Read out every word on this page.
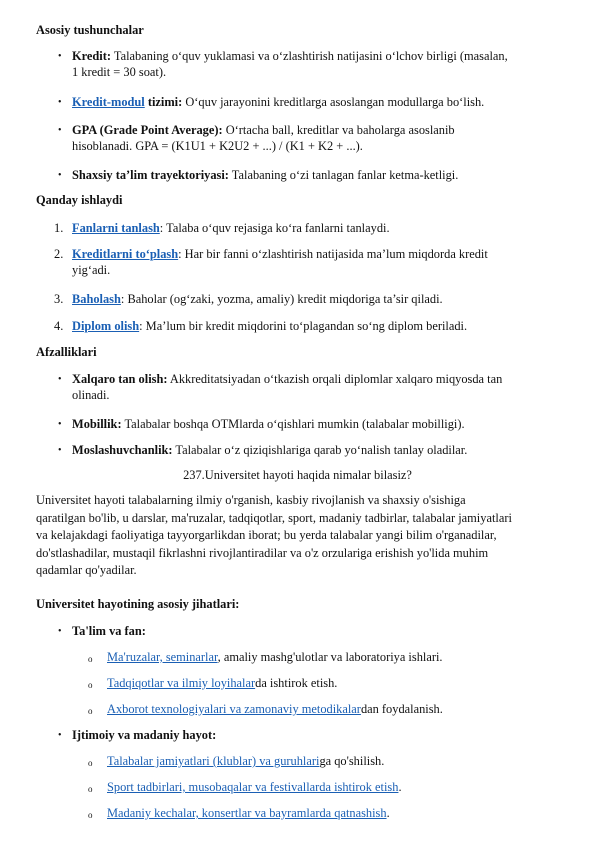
Asosiy tushunchalar
• Kredit: Talabaning o‘quv yuklamasi va o‘zlashtirish natijasini o‘lchov birligi (masalan,
1 kredit = 30 soat).
• Kredit-modul tizimi: O‘quv jarayonini kreditlarga asoslangan modullarga bo‘lish.
• GPA (Grade Point Average): O‘rtacha ball, kreditlar va baholarga asoslanib
hisoblanadi. GPA = (K1U1 + K2U2 + ...) / (K1 + K2 + ...).
• Shaxsiy ta’lim trayektoriyasi: Talabaning o‘zi tanlagan fanlar ketma-ketligi.
Qanday ishlaydi
1. Fanlarni tanlash: Talaba o‘quv rejasiga ko‘ra fanlarni tanlaydi.
2. Kreditlarni to‘plash: Har bir fanni o‘zlashtirish natijasida ma’lum miqdorda kredit
yig‘adi.
3. Baholash: Baholar (og‘zaki, yozma, amaliy) kredit miqdoriga ta’sir qiladi.
4. Diplom olish: Ma’lum bir kredit miqdorini to‘plagandan so‘ng diplom beriladi.
Afzalliklari
• Xalqaro tan olish: Akkreditatsiyadan o‘tkazish orqali diplomlar xalqaro miqyosda tan
olinadi.
• Mobillik: Talabalar boshqa OTMlarda o‘qishlari mumkin (talabalar mobilligi).
• Moslashuvchanlik: Talabalar o‘z qiziqishlariga qarab yo‘nalish tanlay oladilar.
237.Universitet hayoti haqida nimalar bilasiz?
Universitet hayoti talabalarning ilmiy o'rganish, kasbiy rivojlanish va shaxsiy o'sishiga
qaratilgan bo'lib, u darslar, ma'ruzalar, tadqiqotlar, sport, madaniy tadbirlar, talabalar jamiyatlari
va kelajakdagi faoliyatiga tayyorgarlikdan iborat; bu yerda talabalar yangi bilim o'rganadilar,
do'stlashadilar, mustaqil fikrlashni rivojlantiradilar va o'z orzulariga erishish yo'lida muhim
qadamlar qo'yadilar.
Universitet hayotining asosiy jihatlari:
• Ta'lim va fan:
o Ma'ruzalar, seminarlar, amaliy mashg'ulotlar va laboratoriya ishlari.
o Tadqiqotlar va ilmiy loyihalarda ishtirok etish.
o Axborot texnologiyalari va zamonaviy metodikalardan foydalanish.
• Ijtimoiy va madaniy hayot:
o Talabalar jamiyatlari (klublar) va guruhlariga qo'shilish.
o Sport tadbirlari, musobaqalar va festivallarda ishtirok etish.
o Madaniy kechalar, konsertlar va bayramlarda qatnashish.
